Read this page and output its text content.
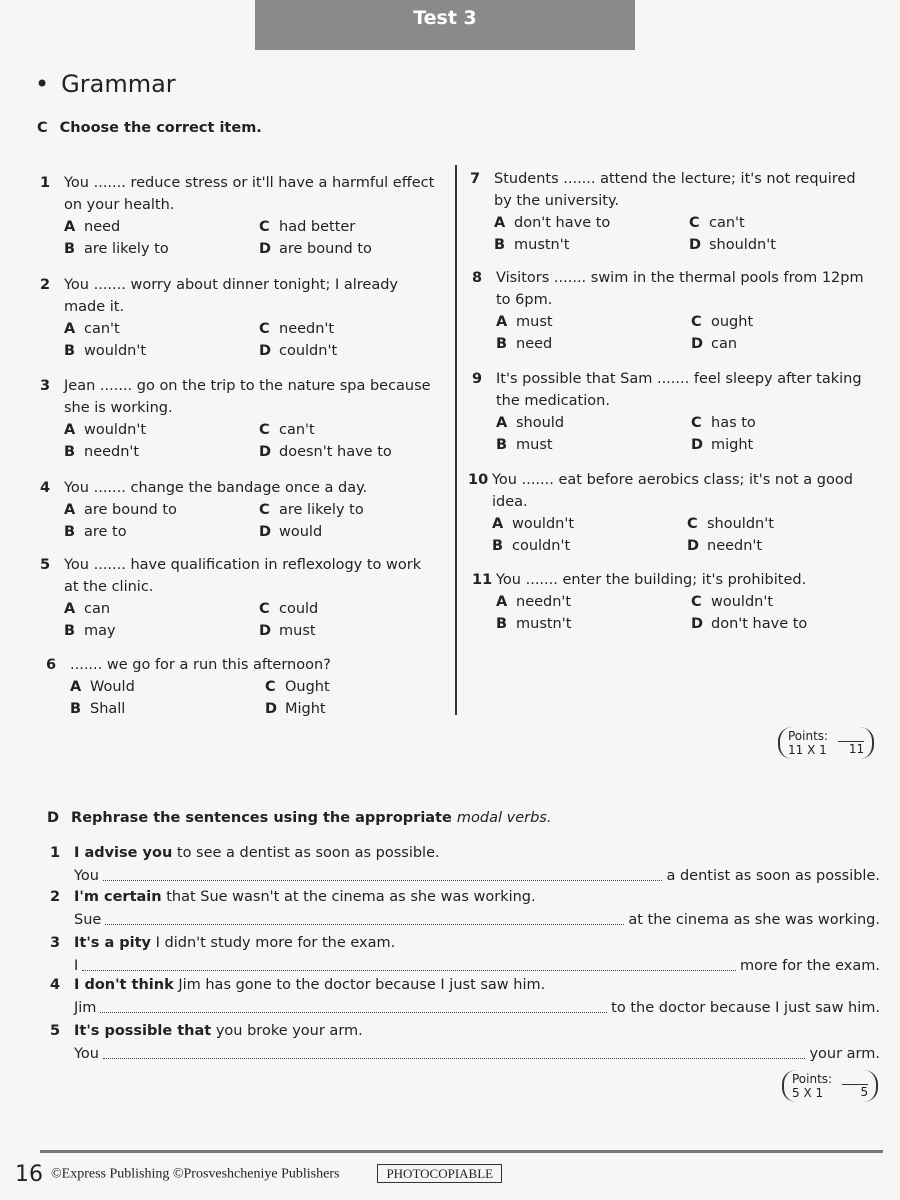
Test 3
• Grammar
C Choose the correct item.
1 You ....... reduce stress or it'll have a harmful effect on your health.
A need	C had better
B are likely to	D are bound to
2 You ....... worry about dinner tonight; I already made it.
A can't	C needn't
B wouldn't	D couldn't
3 Jean ....... go on the trip to the nature spa because she is working.
A wouldn't	C can't
B needn't	D doesn't have to
4 You ....... change the bandage once a day.
A are bound to	C are likely to
B are to	D would
5 You ....... have qualification in reflexology to work at the clinic.
A can	C could
B may	D must
6 ....... we go for a run this afternoon?
A Would	C Ought
B Shall	D Might
7 Students ....... attend the lecture; it's not required by the university.
A don't have to	C can't
B mustn't	D shouldn't
8 Visitors ....... swim in the thermal pools from 12pm to 6pm.
A must	C ought
B need	D can
9 It's possible that Sam ....... feel sleepy after taking the medication.
A should	C has to
B must	D might
10 You ....... eat before aerobics class; it's not a good idea.
A wouldn't	C shouldn't
B couldn't	D needn't
11 You ....... enter the building; it's prohibited.
A needn't	C wouldn't
B mustn't	D don't have to
Points:
11 X 1 11
D Rephrase the sentences using the appropriate modal verbs.
1 I advise you to see a dentist as soon as possible.
You	a dentist as soon as possible.
2 I'm certain that Sue wasn't at the cinema as she was working.
Sue	at the cinema as she was working.
3 It's a pity I didn't study more for the exam.
I	more for the exam.
4 I don't think Jim has gone to the doctor because I just saw him.
Jim	to the doctor because I just saw him.
5 It's possible that you broke your arm.
You	your arm.
Points:
5 X 1	5
16 ©Express Publishing ©Prosveshcheniye Publishers	PHOTOCOPIABLE
